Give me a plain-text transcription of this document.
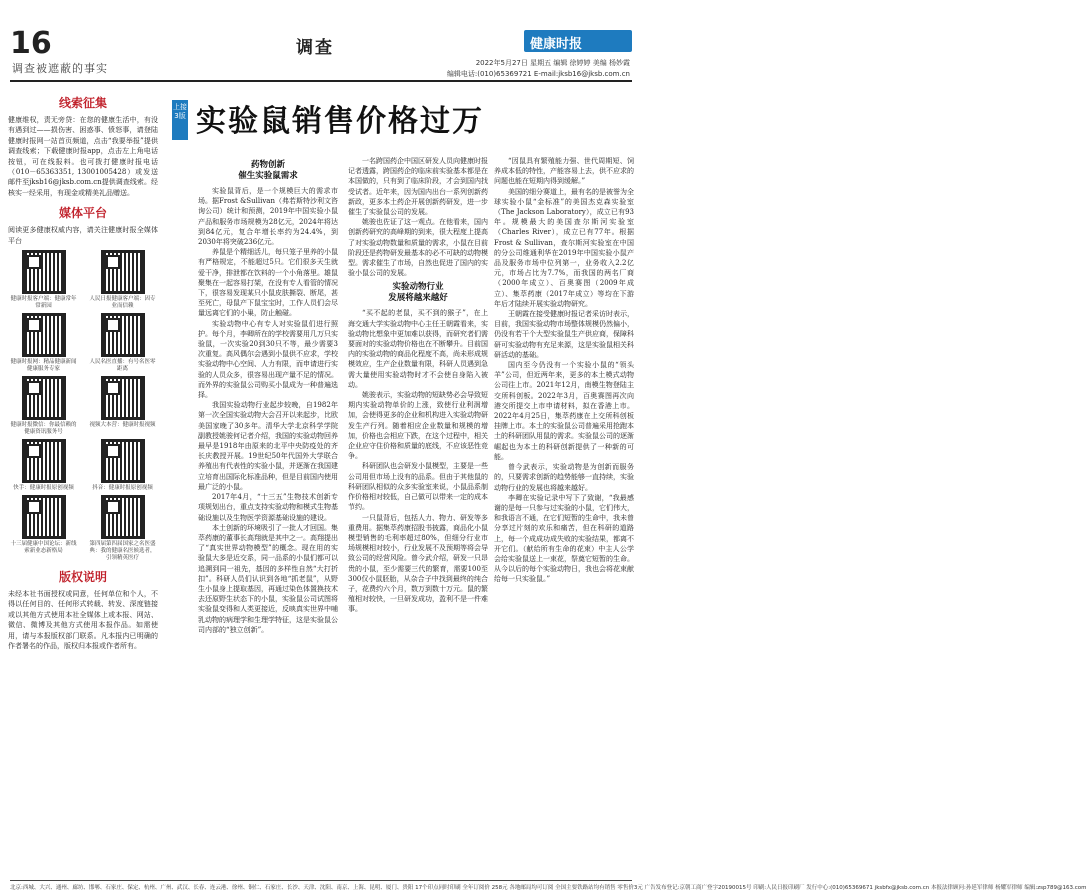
16
调查被遮蔽的事实
调查	健康时报
2022年5月27日 星期五 编辑 徐婷婷 美编 杨妙霞
编辑电话:(010)65369721 E-mail:jksb16@jksb.com.cn
线索征集
健康维权，责无旁贷：在您的健康生活中，有没有遇到过——损伤害、困惑事、愤怒事，请登陆健康时报网一站首页频道，点击“我要举报”提供调查线索；下载健康时报app，点击左上角电话按钮，可在线报料。也可拨打健康时报电话（010－65363351, 13001005428）或发送邮件至jksb16@jksb.com.cn提供调查线索。经核实一经采用，有现金或精美礼品赠送。
媒体平台
阅读更多健康权威内容，请关注健康时报全媒体平台
健康时报客户端：健康常年常新园
人民日报健康客户端：因专业而信赖
健康时报网：精品健康新闻健康服务专家
人民名医直播：有号名医零距离
健康时报微信：你最信赖的健康资讯服务号
视频大本营：健康时报视频
快手：健康时报原创视频	抖音：健康时报原创视频
十三届健康中国论坛：新线索新业态新格局
第四届第四届国家之名医盛典：我的健康名医候选者，引领精英医疗
版权说明
未经本社书面授权或同意，任何单位和个人，不得以任何目的、任何形式转载、转发、深度链接或以其他方式使用本社全媒体上或本报、网站、微信、微博及其他方式使用本报作品。如需使用，请与本报版权部门联系。凡本报内已明确的作者署名的作品，版权归本报或作者所有。
上接3版 实验鼠销售价格过万
药物创新
催生实验鼠需求

实验鼠背后，是一个规模巨大的需求市场。据Frost &Sullivan（弗若斯特沙利文咨询公司）统计和预测，2019年中国实验小鼠产品和服务市场规模为28亿元，2024年将达到84亿元，复合年增长率约为24.4%，到2030年将突破236亿元。

养鼠是个精细活儿，每只笼子里养的小鼠有严格规定，不能超过5只。它们很多天生就爱干净，排泄都在饮料的一个小角落里。雄鼠聚集在一起容易打架，在没有专人看管的情况下，很容易发现某只小鼠皮肤撕裂、断尾，甚至死亡，母鼠产下鼠宝宝时，工作人员们会尽量远离它们的小巢，防止触碰。

实验动物中心有专人对实验鼠们进行照护。每个月，李卿所在的学校需要用几万只实验鼠，一次实验20到30只不等，最少需要3次重复。高风偶尔会遇到小鼠供不应求，学校实验动物中心空间、人力有限，而申请进行实验的人员众多，很容易出现产量不足的情况。而外界的实验鼠公司购买小鼠成为一种普遍选择。

我国实验动物行业起步较晚，自1982年第一次全国实验动物大会召开以来起步，比欧美国家晚了30多年。清华大学北京科学学院副教授姚骏何记者介绍，我国的实验动物回养最早是1918年由原来的北平中央防疫处的齐长庆教授开展。19世纪50年代国外大学联合养殖出有代表性的实验小鼠，并逐渐在我国建立培育出国际化标准品种，但是目前国内使用最广泛的小鼠。

2017年4月，“十三五”生物技术创新专项规划出台，重点支持实验动物和模式生物基础设施以及生物医学资源基础设施的建设。

本土创新的环境吸引了一批人才回国。集萃药康的董事长高翔就是其中之一。高翔提出了“真实世界动物模型”的概念。现在用的实验鼠大多是近交系，同一品系的小鼠们都可以追溯到同一祖先，基因的多样性自然“大打折扣”。科研人员们认识到各地“抓老鼠”，从野生小鼠身上提取基因，再通过染色体置换技术去还原野生状态下的小鼠，实验鼠公司试图将实验鼠变得和人类更接近，反映真实世界中哺乳动物的病理学和生理学特征，这是实验鼠公司内部的“独立创新”。

一名跨国药企中国区研发人员向健康时报记者透露，跨国药企的临床前实验基本都是在本国做的，只有到了临床阶段，才会到国内找受试者。近年来，因为国内出台一系列创新药新政，更多本土药企开展创新药研发，进一步催生了实验鼠公司的发展。

姚骏也佐证了这一观点。在他看来，国内创新药研究的高峰期的到来，很大程度上提高了对实验动物数量和质量的需求，小鼠在目前阶段还是药物研发最基本的必不可缺的动物模型。需求催生了市场，自然也促进了国内的实验小鼠公司的发展。

实验动物行业
发展将越来越好

“买不起的老鼠，买不到的猴子”，在上海交通大学实验动物中心主任王朝霞看来，实验动物比想象中更加难以获得，而研究者们需要面对的实验动物价格也在不断攀升。目前国内的实验动物的商品化程度不高，尚未形成规模效应，生产企业数量有限，科研人员遇到急需大量使用实验动物时才不会使自身陷入被动。

姚骏表示，实验动物的短缺势必会导致短期内实验动物单价的上涨，致使行业利润增加，会使得更多的企业和机构进入实验动物研发生产行列。随着相应企业数量和规模的增加，价格也会相应下跌，在这个过程中，相关企业应守住价格和质量的底线，不应该恶性竞争。

科研团队也会研发小鼠模型，主要是一些公司用但市场上没有的品系。但由于其他鼠的科研团队相似的众多实验室来说，小鼠品系制作价格相对较低，自己做可以带来一定的成本节约。

一只鼠背后，包括人力、物力、研发等多重费用。据集萃药康招股书披露，商品化小鼠模型销售的毛利率超过80%，但细分行业市场规模相对较小，行业发展不及预期等将会导致公司的经营风险。曾今武介绍，研发一只昂贵的小鼠，至少需要三代的繁育，需要100至300仅小鼠胚胎，从杂合子中找到最终的纯合子，花费约六个月，数万到数十万元。鼠的繁殖相对较快，一旦研发成功，盈利不是一件难事。

“因鼠具有繁殖能力强、世代周期短、饲养成本低的特性，产能容易上去，供不应求的问题也能在短期内得到缓解。”

美国的细分赛道上，最有名的是被誉为全球实验小鼠“金标准”的美国杰克森实验室（The Jackson Laboratory），成立已有93年。规模最大的美国查尔斯河实验室（Charles River），成立已有77年。根据Frost & Sullivan，查尔斯河实验室在中国的分公司维通利华在2019年中国实验小鼠产品及服务市场中位列第一，业务收入2.2亿元，市场占比为7.7%，而我国的两名厂商（2000年成立）、百奥赛图（2009年成立）、集萃药康（2017年成立）等均在下游年后才陆续开展实验动物研究。

王朝霞在接受健康时报记者采访时表示，目前，我国实验动物市场整体规模仍然偏小，仍没有若干个大型实验鼠生产供应商，保障科研可实验动物有充足来源，这是实验鼠相关科研活动的基础。

国内至今仍没有一个实验小鼠的“领头羊”公司，但近两年来，更多的本土模式动物公司往上市。2021年12月，南模生物登陆主交所科创板。2022年3月，百奥赛图再次向港交所提交上市申请材料，拟在香港上市。2022年4月25日，集萃药康在上交所科创板挂牌上市。本土的实验鼠公司普遍采用抢跑本土的科研团队用鼠的需求。实验鼠公司的逐渐崛起也为本土的科研创新提供了一种新的可能。

曾今武表示，实验动物是为创新而服务的，只要需求创新的趋势能够一直持续，实验动物行业的发展也将越来越好。

李卿在实验记录中写下了致谢，“我最感谢的是每一只参与过实验的小鼠，它们伟大，和我语言不通，在它们短暂的生命中，我未曾分享过片刻的欢乐和痛苦，但在科研的道路上，每一个成成功成失败的实验结果，都离不开它们。（献给所有生命的花束）中主人公学会给实验鼠送上一束花，祭奠它短暂的生命。从今以后的每个实验动物日，我也会将花束献给每一只实验鼠。”

北京:西城、大兴、通州、廊坊、邯郸、石家庄、保定、杭州、广州、武汉、长春、连云港、徐州、铜仁、石家庄、长沙、天津、沈阳、南京、上海、昆明、厦门、贵阳 17个印点同时印刷 全年订阅价 258元 各地邮局均可订阅 全国主要铁路站均有销售 零售价3元 广告发布登记:京朝工商广登字20190015号 印刷:人民日报印刷厂 发行中心:(010)65369671 jksbfx@jksb.com.cn 本报法律顾问:孙延军律师 杨耀军律师 编辑:zsp789@163.com
